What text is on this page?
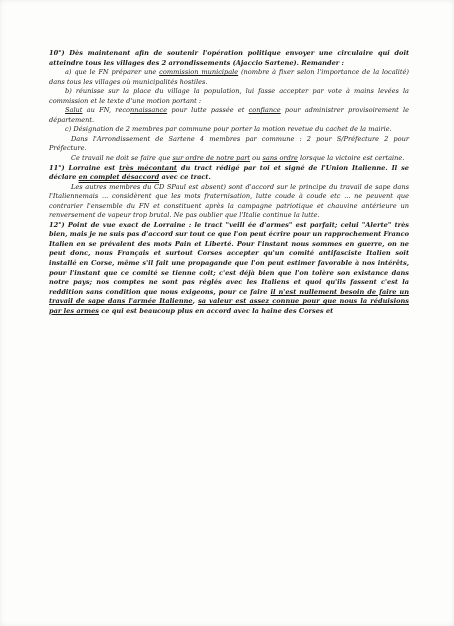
10°) Dès maintenant afin de soutenir l'opération politique envoyer une circulaire qui doit atteindre tous les villages des 2 arrondissements (Ajaccio Sartene). Remander :

a) que le FN préparer une commission municipale (nombre à fixer selon l'importance de la localité) dans tous les villages où municipalités hostiles.

b) réunisse sur la place du village la population, lui fasse accepter par vote à mains levées la commission et le texte d'une motion portant :

Salut au FN, reconnaissance pour lutte passée et confiance pour administrer provisoirement le département.

c) Désignation de 2 membres par commune pour porter la motion revetue du cachet de la mairie.

Dans l'Arrondissement de Sartene 4 membres par commune : 2 pour S/Préfecture 2 pour Préfecture.

Ce travail ne doit se faire que sur ordre de notre part ou sans ordre lorsque la victoire est certaine.

11°) Lorraine est très mécontant du tract rédigé par toi et signé de l'Union Italienne. Il se déclare en complet désaccord avec ce tract.

Les autres membres du CD SPaul est absent) sont d'accord sur le principe du travail de sape dans l'Italiennemais ... considèrent que les mots fraternisation, lutte coude à coude etc ... ne peuvent que contrarier l'ensemble du FN et constituent après la campagne patriotique et chauvine antérieure un renversement de vapeur trop brutal. Ne pas oublier que l'Italie continue la lutte.

12°) Point de vue exact de Lorraine : le tract "veill ée d'armes" est parfait; celui "Alerte" très bien, mais je ne suis pas d'accord sur tout ce que l'on peut écrire pour un rapprochement Franco Italien en se prévalent des mots Pain et Liberté. Pour l'instant nous sommes en guerre, on ne peut donc, nous Français et surtout Corses accepter qu'un comité antifasciste Italien soit installé en Corse, même s'il fait une propagande que l'on peut estimer favorable à nos intérêts, pour l'instant que ce comité se tienne coit; c'est déjà bien que l'on tolère son existance dans notre pays; nos comptes ne sont pas réglés avec les Italiens et quoi qu'ils fassent c'est la reddition sans condition que nous exigeons, pour ce faire il n'est nullement besoin de faire un travail de sape dans l'armée Italienne, sa valeur est assez connue pour que nous la réduisions par les armes ce qui est beaucoup plus en accord avec la haine des Corses et
